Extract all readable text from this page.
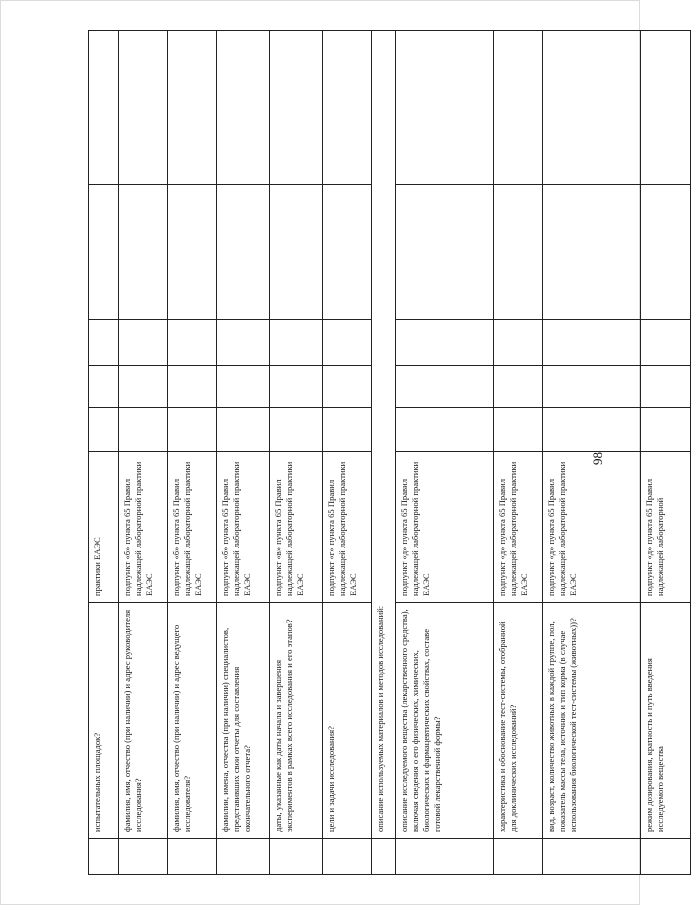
98
	испытательных площадок?	практики ЕАЭС					
	фамилия, имя, отчество (при наличии) и адрес руководителя исследования?	подпункт «б» пункта 65 Правил надлежащей лабораторной практики ЕАЭС					
	фамилия, имя, отчество (при наличии) и адрес ведущего исследователя?	подпункт «б» пункта 65 Правил надлежащей лабораторной практики ЕАЭС					
	фамилии, имена, отчества (при наличии) специалистов, представивших свои отчеты для составления окончательного отчета?	подпункт «б» пункта 65 Правил надлежащей лабораторной практики ЕАЭС					
	даты, указанные как даты начала и завершения экспериментов в рамках всего исследования и его этапов?	подпункт «в» пункта 65 Правил надлежащей лабораторной практики ЕАЭС					
	цели и задачи исследования?	подпункт «г» пункта 65 Правил надлежащей лабораторной практики ЕАЭС					
	описание используемых материалов и методов исследований:						
	описание исследуемого вещества (лекарственного средства), включая сведения о его физических, химических, биологических и фармацевтических свойствах, составе готовой лекарственной формы?	подпункт «д» пункта 65 Правил надлежащей лабораторной практики ЕАЭС					
	характеристика и обоснование тест-системы, отобранной для доклинических исследований?	подпункт «д» пункта 65 Правил надлежащей лабораторной практики ЕАЭС					
	вид, возраст, количество животных в каждой группе, пол, показатель массы тела, источник и тип корма (в случае использования биологической тест-системы (животных))?	подпункт «д» пункта 65 Правил надлежащей лабораторной практики ЕАЭС					
	режим дозирования, кратность и путь введения исследуемого вещества	подпункт «д» пункта 65 Правил надлежащей лабораторной					
